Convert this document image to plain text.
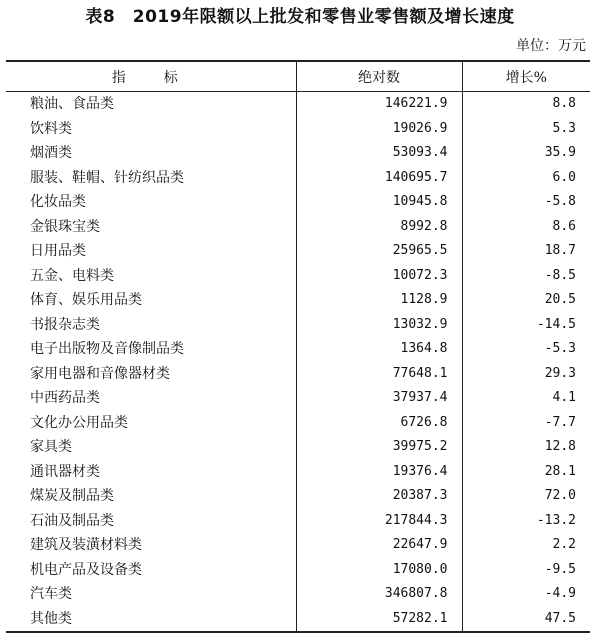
表8　2019年限额以上批发和零售业零售额及增长速度
单位：万元
指　标	绝对数	增长%
粮油、食品类	146221.9	8.8
饮料类	19026.9	5.3
烟酒类	53093.4	35.9
服装、鞋帽、针纺织品类	140695.7	6.0
化妆品类	10945.8	-5.8
金银珠宝类	8992.8	8.6
日用品类	25965.5	18.7
五金、电料类	10072.3	-8.5
体育、娱乐用品类	1128.9	20.5
书报杂志类	13032.9	-14.5
电子出版物及音像制品类	1364.8	-5.3
家用电器和音像器材类	77648.1	29.3
中西药品类	37937.4	4.1
文化办公用品类	6726.8	-7.7
家具类	39975.2	12.8
通讯器材类	19376.4	28.1
煤炭及制品类	20387.3	72.0
石油及制品类	217844.3	-13.2
建筑及装潢材料类	22647.9	2.2
机电产品及设备类	17080.0	-9.5
汽车类	346807.8	-4.9
其他类	57282.1	47.5
